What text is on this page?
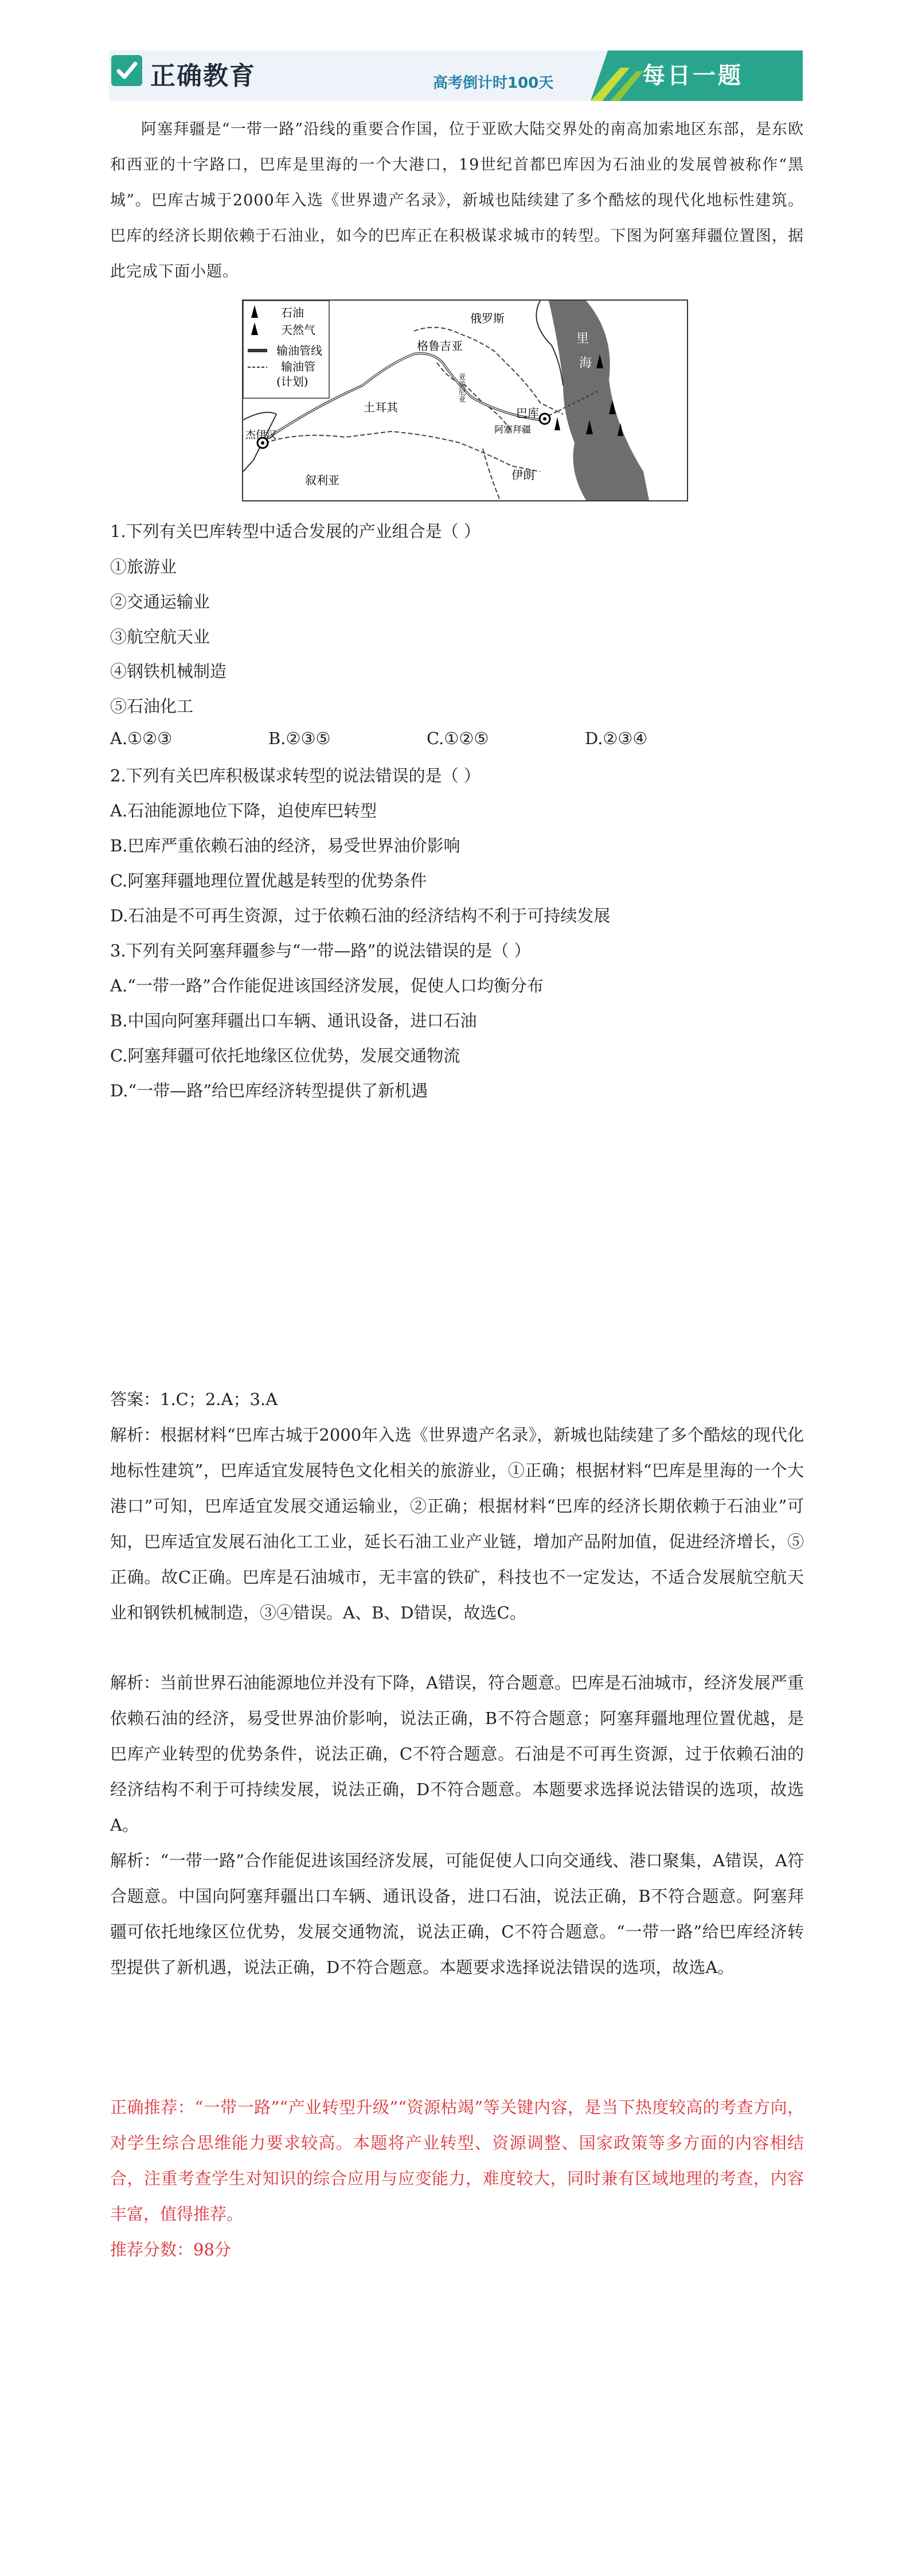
正确教育	高考倒计时100天	每日一题
阿塞拜疆是“一带一路”沿线的重要合作国，位于亚欧大陆交界处的南高加索地区东部，是东欧和西亚的十字路口，巴库是里海的一个大港口，19世纪首都巴库因为石油业的发展曾被称作“黑城”。巴库古城于2000年入选《世界遗产名录》，新城也陆续建了多个酷炫的现代化地标性建筑。巴库的经济长期依赖于石油业，如今的巴库正在积极谋求城市的转型。下图为阿塞拜疆位置图，据此完成下面小题。
石油
天然气
输油管线
输油管
(计划)
俄罗斯
格鲁吉亚	里
海
亚美尼亚
巴库
阿塞拜疆
土耳其
杰伊汉
叙利亚	伊朗
1.下列有关巴库转型中适合发展的产业组合是（ ）
①旅游业
②交通运输业
③航空航天业
④钢铁机械制造
⑤石油化工
A.①②③	B.②③⑤	C.①②⑤	D.②③④
2.下列有关巴库积极谋求转型的说法错误的是（ ）
A.石油能源地位下降，迫使库巴转型
B.巴库严重依赖石油的经济，易受世界油价影响
C.阿塞拜疆地理位置优越是转型的优势条件
D.石油是不可再生资源，过于依赖石油的经济结构不利于可持续发展
3.下列有关阿塞拜疆参与“一带—路”的说法错误的是（ ）
A.“一带一路”合作能促进该国经济发展，促使人口均衡分布
B.中国向阿塞拜疆出口车辆、通讯设备，进口石油
C.阿塞拜疆可依托地缘区位优势，发展交通物流
D.“一带—路”给巴库经济转型提供了新机遇
答案：1.C；2.A；3.A
解析：根据材料“巴库古城于2000年入选《世界遗产名录》，新城也陆续建了多个酷炫的现代化地标性建筑”，巴库适宜发展特色文化相关的旅游业，①正确；根据材料“巴库是里海的一个大港口”可知，巴库适宜发展交通运输业，②正确；根据材料“巴库的经济长期依赖于石油业”可知，巴库适宜发展石油化工工业，延长石油工业产业链，增加产品附加值，促进经济增长，⑤正确。故C正确。巴库是石油城市，无丰富的铁矿，科技也不一定发达，不适合发展航空航天业和钢铁机械制造，③④错误。A、B、D错误，故选C。
解析：当前世界石油能源地位并没有下降，A错误，符合题意。巴库是石油城市，经济发展严重依赖石油的经济，易受世界油价影响，说法正确，B不符合题意；阿塞拜疆地理位置优越，是巴库产业转型的优势条件，说法正确，C不符合题意。石油是不可再生资源，过于依赖石油的经济结构不利于可持续发展，说法正确，D不符合题意。本题要求选择说法错误的选项，故选A。
解析：“一带一路”合作能促进该国经济发展，可能促使人口向交通线、港口聚集，A错误，A符合题意。中国向阿塞拜疆出口车辆、通讯设备，进口石油，说法正确，B不符合题意。阿塞拜疆可依托地缘区位优势，发展交通物流，说法正确，C不符合题意。“一带一路”给巴库经济转型提供了新机遇，说法正确，D不符合题意。本题要求选择说法错误的选项，故选A。
正确推荐：“一带一路”“产业转型升级”“资源枯竭”等关键内容，是当下热度较高的考查方向，对学生综合思维能力要求较高。本题将产业转型、资源调整、国家政策等多方面的内容相结合，注重考查学生对知识的综合应用与应变能力，难度较大，同时兼有区域地理的考查，内容丰富，值得推荐。
推荐分数：98分
